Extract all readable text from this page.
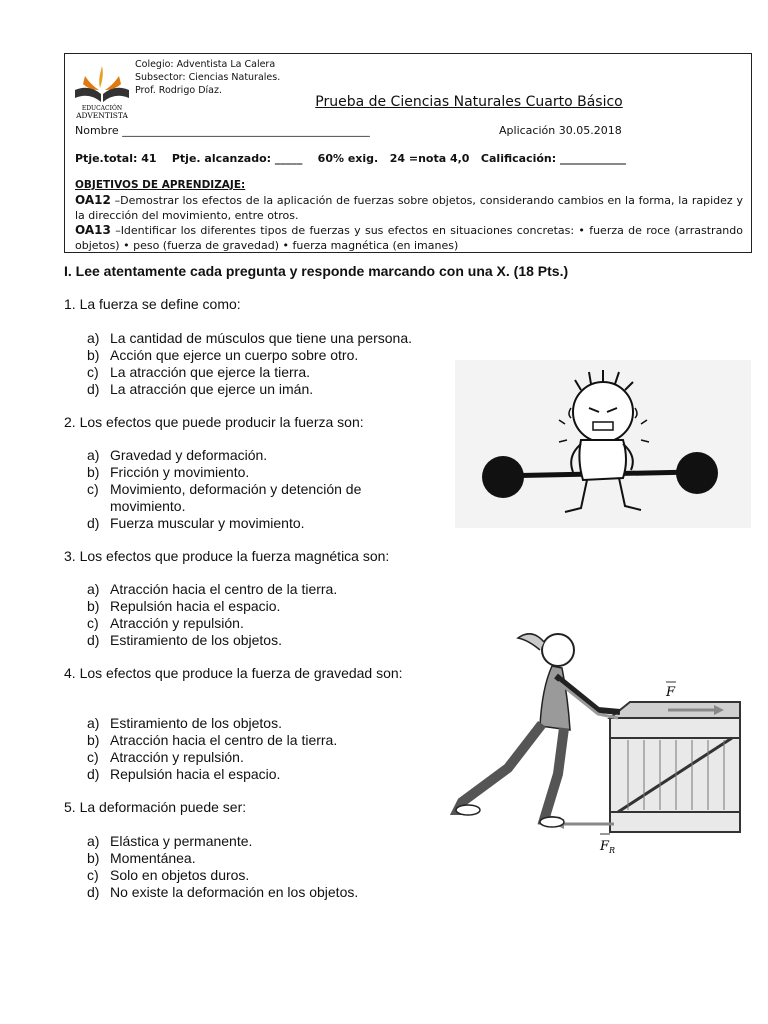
EDUCACIÓN
ADVENTISTA
Colegio: Adventista La Calera
Subsector: Ciencias Naturales.
Prof. Rodrigo Díaz.
Prueba de Ciencias Naturales Cuarto Básico
Nombre _____________________________________________	Aplicación 30.05.2018
Ptje.total: 41    Ptje. alcanzado: _____    60% exig.   24 =nota 4,0   Calificación: ____________
OBJETIVOS DE APRENDIZAJE:
OA12 –Demostrar los efectos de la aplicación de fuerzas sobre objetos, considerando cambios en la forma, la rapidez y la dirección del movimiento, entre otros.
OA13 –Identificar los diferentes tipos de fuerzas y sus efectos en situaciones concretas: • fuerza de roce (arrastrando objetos) • peso (fuerza de gravedad) • fuerza magnética (en imanes)
I. Lee atentamente cada pregunta y responde marcando con una X. (18 Pts.)
1. La fuerza se define como:
a) La cantidad de músculos que tiene una persona.
b) Acción que ejerce un cuerpo sobre otro.
c) La atracción que ejerce la tierra.
d) La atracción que ejerce un imán.
2. Los efectos que puede producir la fuerza son:
a) Gravedad y deformación.
b) Fricción y movimiento.
c) Movimiento, deformación y detención de movimiento.
d) Fuerza muscular y movimiento.
3. Los efectos que produce la fuerza magnética son:
a) Atracción hacia el centro de la tierra.
b) Repulsión hacia el espacio.
c) Atracción y repulsión.
d) Estiramiento de los objetos.
4. Los efectos que produce la fuerza de gravedad son:
a) Estiramiento de los objetos.
b) Atracción hacia el centro de la tierra.
c) Atracción y repulsión.
d) Repulsión hacia el espacio.
5. La deformación puede ser:
a) Elástica y permanente.
b) Momentánea.
c) Solo en objetos duros.
d) No existe la deformación en los objetos.
F
$F_R$
